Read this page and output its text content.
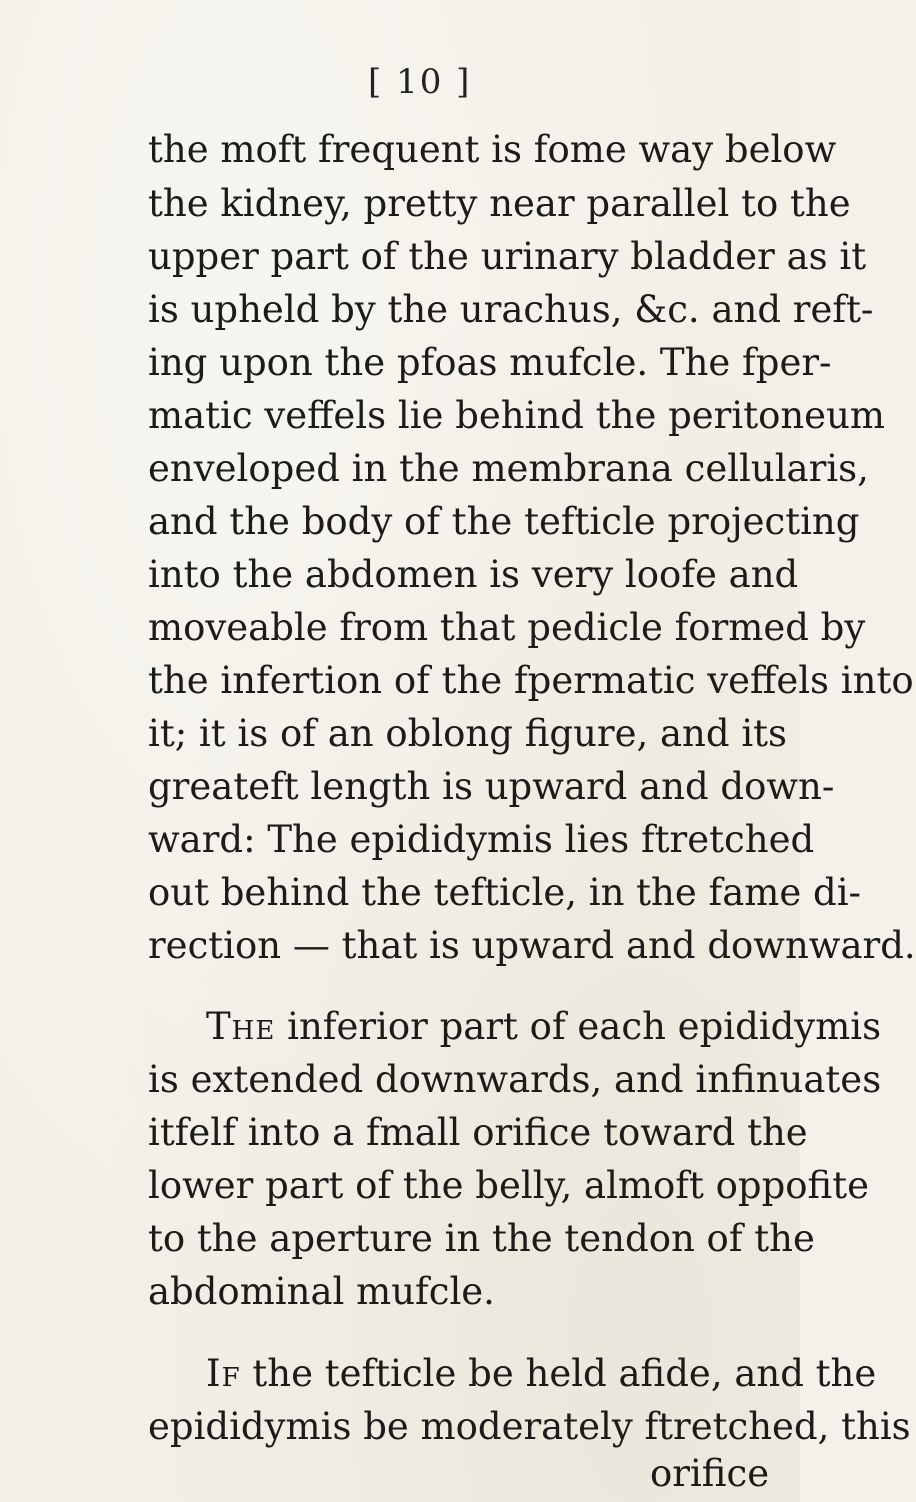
[ 10 ]
the moft frequent is fome way below
the kidney, pretty near parallel to the
upper part of the urinary bladder as it
is upheld by the urachus, &c. and reft-
ing upon the pfoas mufcle. The fper-
matic veffels lie behind the peritoneum
enveloped in the membrana cellularis,
and the body of the tefticle projecting
into the abdomen is very loofe and
moveable from that pedicle formed by
the infertion of the fpermatic veffels into
it; it is of an oblong figure, and its
greateft length is upward and down-
ward: The epididymis lies ftretched
out behind the tefticle, in the fame di-
rection — that is upward and downward.
The inferior part of each epididymis
is extended downwards, and infinuates
itfelf into a fmall orifice toward the
lower part of the belly, almoft oppofite
to the aperture in the tendon of the
abdominal mufcle.
If the tefticle be held afide, and the
epididymis be moderately ftretched, this
orifice
